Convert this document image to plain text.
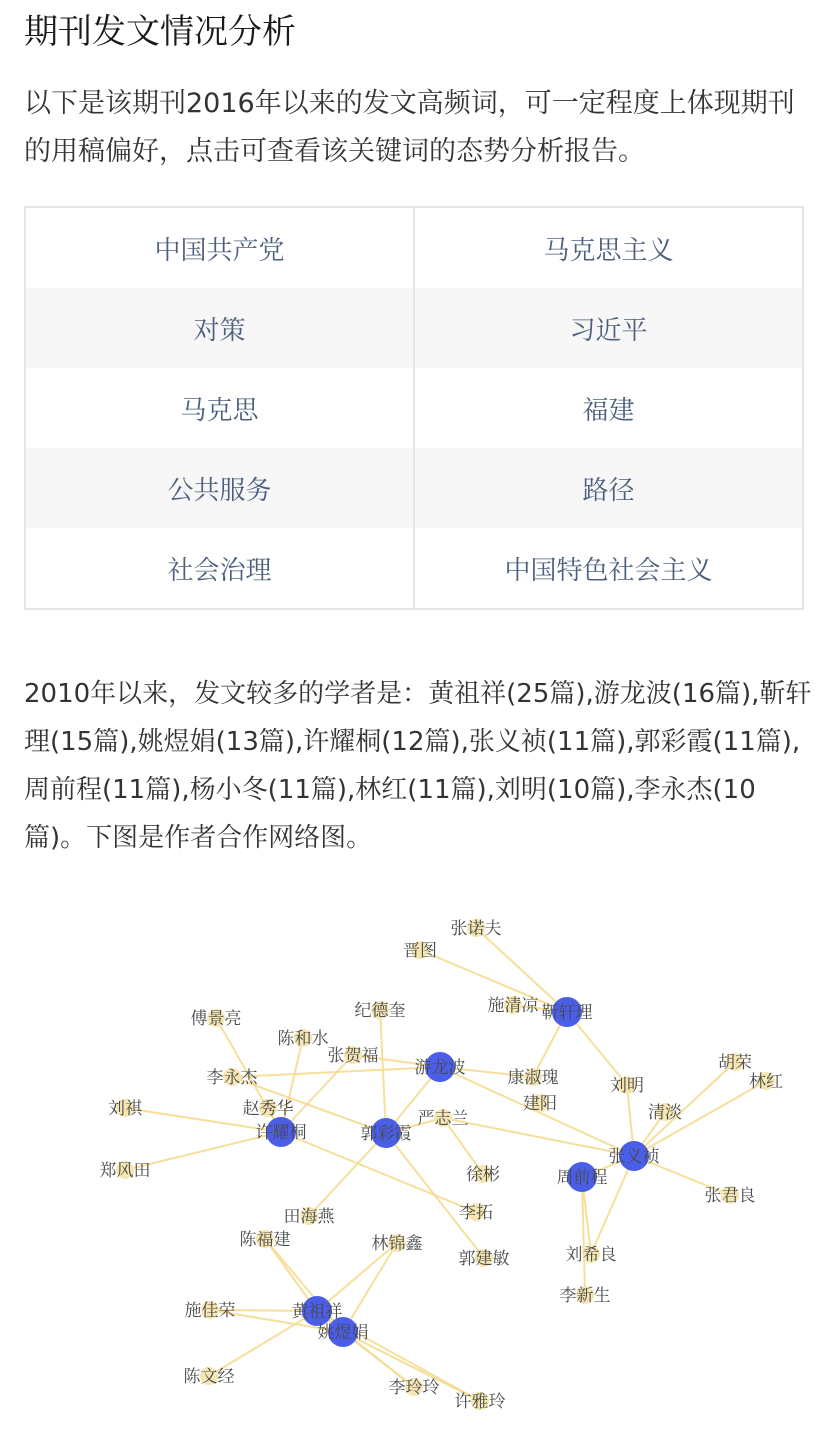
期刊发文情况分析
以下是该期刊2016年以来的发文高频词，可一定程度上体现期刊的用稿偏好，点击可查看该关键词的态势分析报告。
中国共产党	马克思主义
对策	习近平
马克思	福建
公共服务	路径
社会治理	中国特色社会主义
2010年以来，发文较多的学者是：黄祖祥(25篇),游龙波(16篇),靳轩理(15篇),姚煜娟(13篇),许耀桐(12篇),张义祯(11篇),郭彩霞(11篇),周前程(11篇),杨小冬(11篇),林红(11篇),刘明(10篇),李永杰(10篇)。下图是作者合作网络图。
张诺夫
晋图
施清凉 靳轩理
纪德奎
傅景亮
陈和水
张贺福
游龙波	胡荣
林红
李永杰	康淑瑰	刘明
建阳
刘祺	赵秀华	清淡
严志兰
许耀桐	郭彩霞
张义祯
郑风田	徐彬	周前程
张君良
田海燕	李拓
陈福建	林锦鑫
郭建敏	刘希良
李新生
施佳荣	黄祖祥
姚煜娟
陈文经
李玲玲
许雅玲
